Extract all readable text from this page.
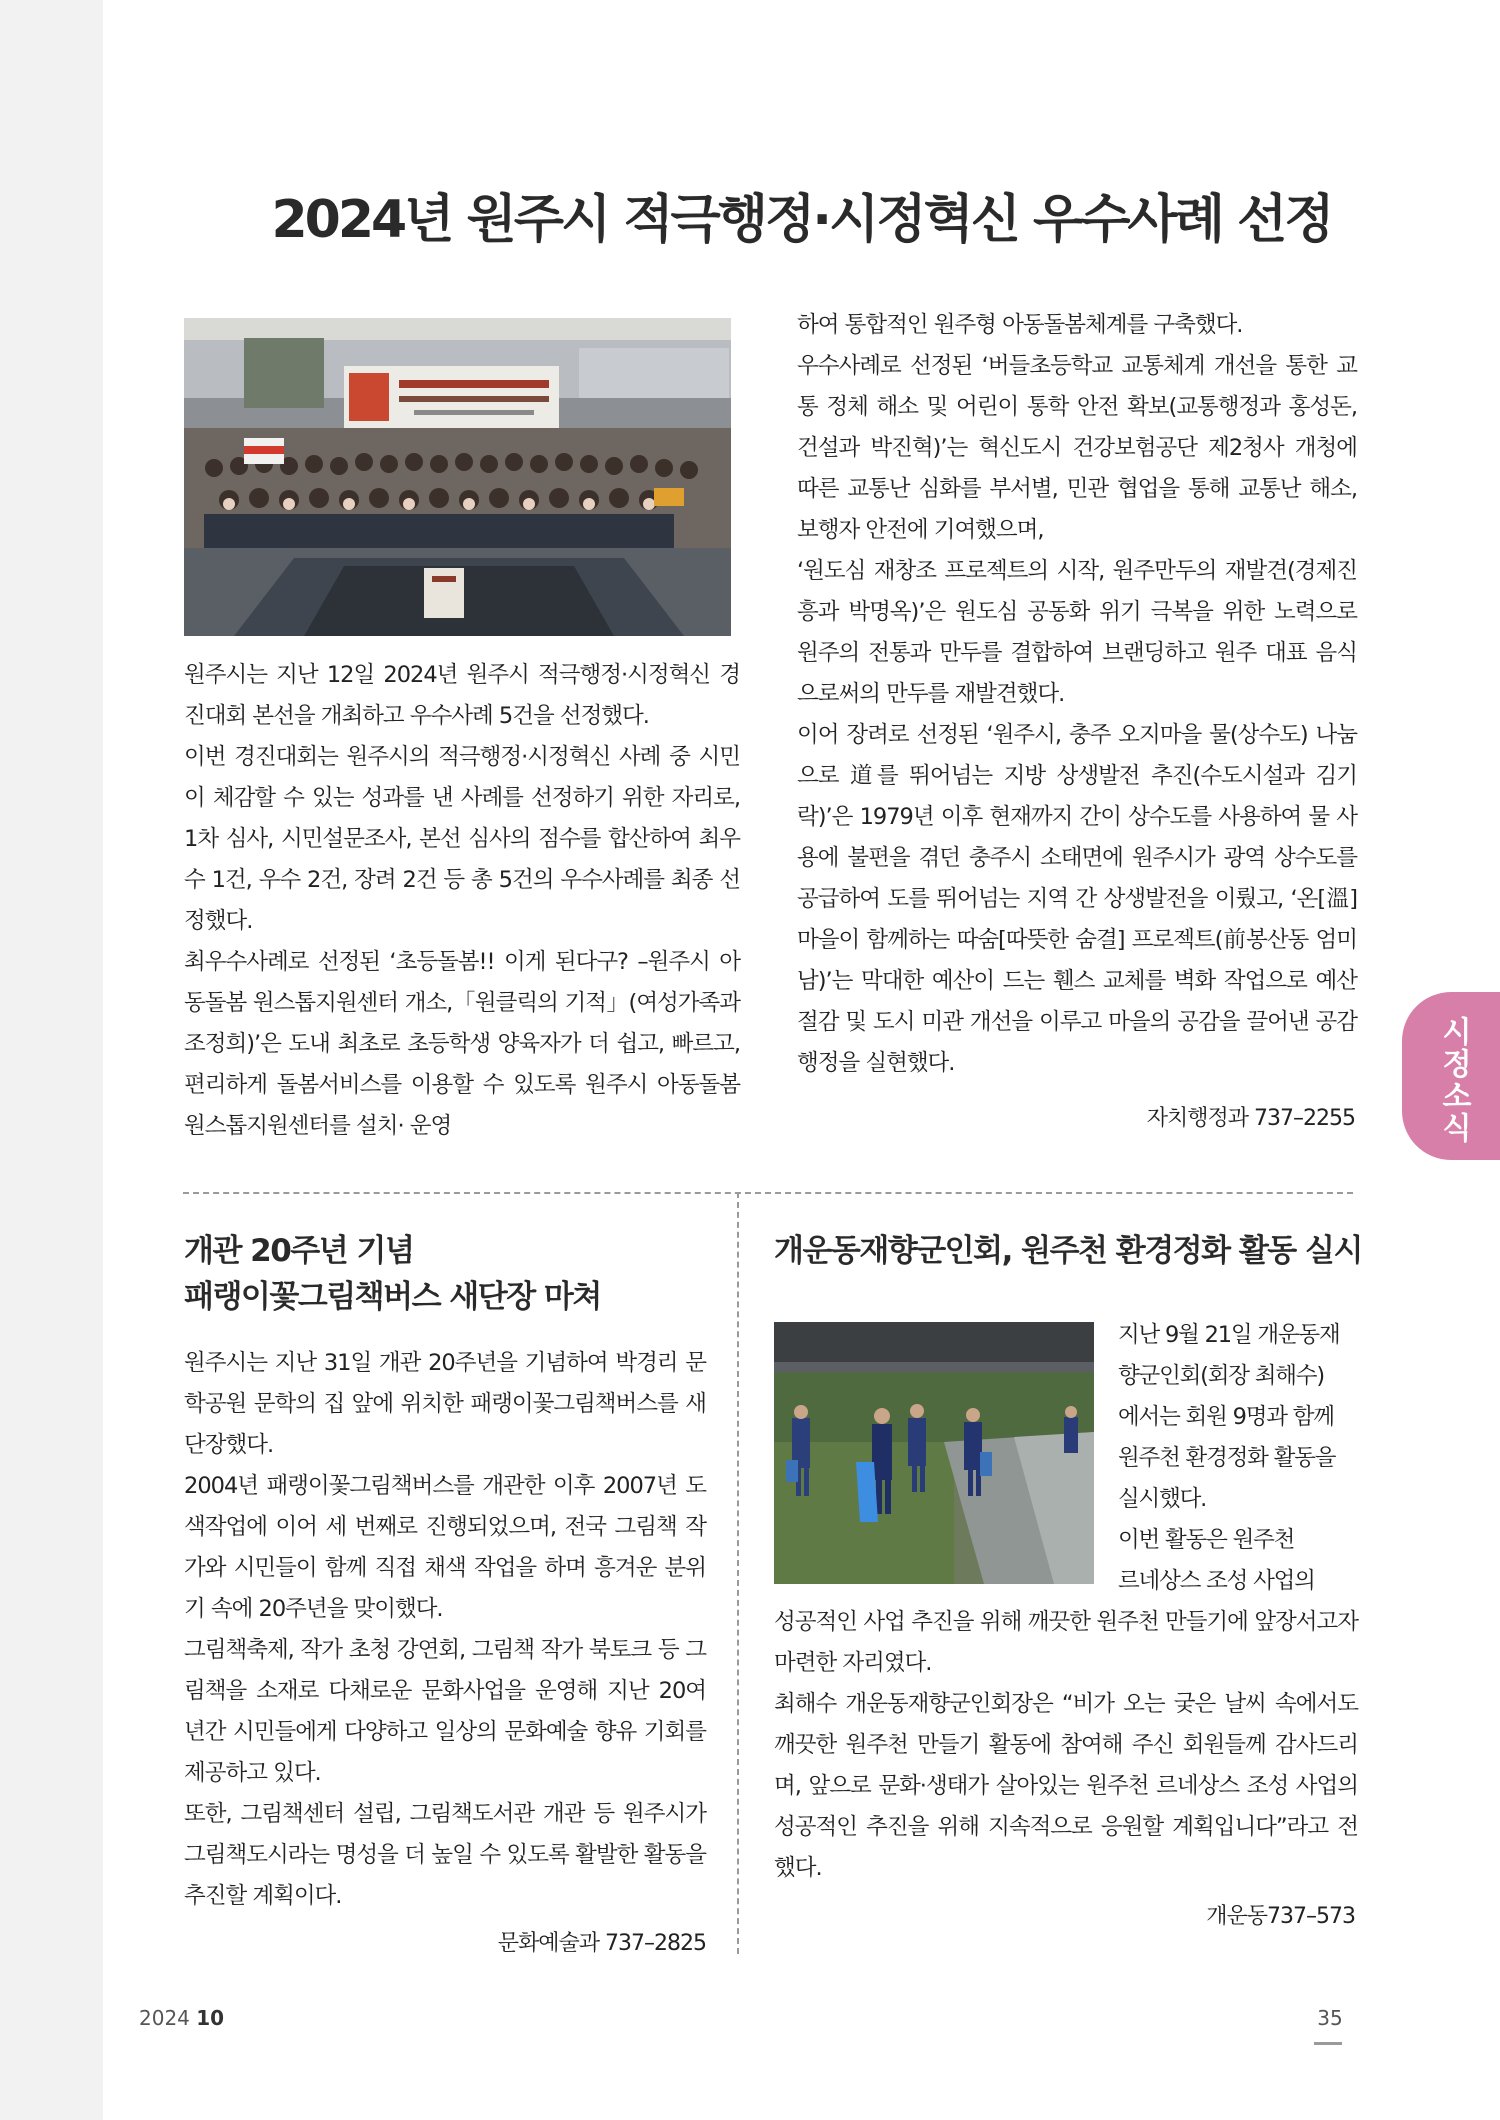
2024년 원주시 적극행정·시정혁신 우수사례 선정

원주시는 지난 12일 2024년 원주시 적극행정·시정혁신 경진대회 본선을 개최하고 우수사례 5건을 선정했다.

이번 경진대회는 원주시의 적극행정·시정혁신 사례 중 시민이 체감할 수 있는 성과를 낸 사례를 선정하기 위한 자리로, 1차 심사, 시민설문조사, 본선 심사의 점수를 합산하여 최우수 1건, 우수 2건, 장려 2건 등 총 5건의 우수사례를 최종 선정했다.

최우수사례로 선정된 ‘초등돌봄!! 이게 된다구? –원주시 아동돌봄 원스톱지원센터 개소,「원클릭의 기적」(여성가족과 조정희)’은 도내 최초로 초등학생 양육자가 더 쉽고, 빠르고, 편리하게 돌봄서비스를 이용할 수 있도록 원주시 아동돌봄 원스톱지원센터를 설치· 운영

하여 통합적인 원주형 아동돌봄체계를 구축했다.

우수사례로 선정된 ‘버들초등학교 교통체계 개선을 통한 교통 정체 해소 및 어린이 통학 안전 확보(교통행정과 홍성돈, 건설과 박진혁)’는 혁신도시 건강보험공단 제2청사 개청에 따른 교통난 심화를 부서별, 민관 협업을 통해 교통난 해소, 보행자 안전에 기여했으며,

‘원도심 재창조 프로젝트의 시작, 원주만두의 재발견(경제진흥과 박명옥)’은 원도심 공동화 위기 극복을 위한 노력으로 원주의 전통과 만두를 결합하여 브랜딩하고 원주 대표 음식으로써의 만두를 재발견했다.

이어 장려로 선정된 ‘원주시, 충주 오지마을 물(상수도) 나눔으로 道를 뛰어넘는 지방 상생발전 추진(수도시설과 김기락)’은 1979년 이후 현재까지 간이 상수도를 사용하여 물 사용에 불편을 겪던 충주시 소태면에 원주시가 광역 상수도를 공급하여 도를 뛰어넘는 지역 간 상생발전을 이뤘고, ‘온[溫] 마을이 함께하는 따숨[따뜻한 숨결] 프로젝트(前봉산동 엄미남)’는 막대한 예산이 드는 휀스 교체를 벽화 작업으로 예산 절감 및 도시 미관 개선을 이루고 마을의 공감을 끌어낸 공감행정을 실현했다.

자치행정과 737–2255
개관 20주년 기념
패랭이꽃그림책버스 새단장 마쳐

원주시는 지난 31일 개관 20주년을 기념하여 박경리 문학공원 문학의 집 앞에 위치한 패랭이꽃그림책버스를 새단장했다.

2004년 패랭이꽃그림책버스를 개관한 이후 2007년 도색작업에 이어 세 번째로 진행되었으며, 전국 그림책 작가와 시민들이 함께 직접 채색 작업을 하며 흥겨운 분위기 속에 20주년을 맞이했다.

그림책축제, 작가 초청 강연회, 그림책 작가 북토크 등 그림책을 소재로 다채로운 문화사업을 운영해 지난 20여 년간 시민들에게 다양하고 일상의 문화예술 향유 기회를 제공하고 있다.

또한, 그림책센터 설립, 그림책도서관 개관 등 원주시가 그림책도시라는 명성을 더 높일 수 있도록 활발한 활동을 추진할 계획이다.

문화예술과 737–2825
개운동재향군인회, 원주천 환경정화 활동 실시

지난 9월 21일 개운동재

향군인회(회장 최해수)

에서는 회원 9명과 함께

원주천 환경정화 활동을

실시했다.

이번 활동은 원주천

르네상스 조성 사업의

성공적인 사업 추진을 위해 깨끗한 원주천 만들기에 앞장서고자 마련한 자리였다.

최해수 개운동재향군인회장은 “비가 오는 궂은 날씨 속에서도 깨끗한 원주천 만들기 활동에 참여해 주신 회원들께 감사드리며, 앞으로 문화·생태가 살아있는 원주천 르네상스 조성 사업의 성공적인 추진을 위해 지속적으로 응원할 계획입니다”라고 전했다.

개운동737–573
시정소식
2024 10	35
